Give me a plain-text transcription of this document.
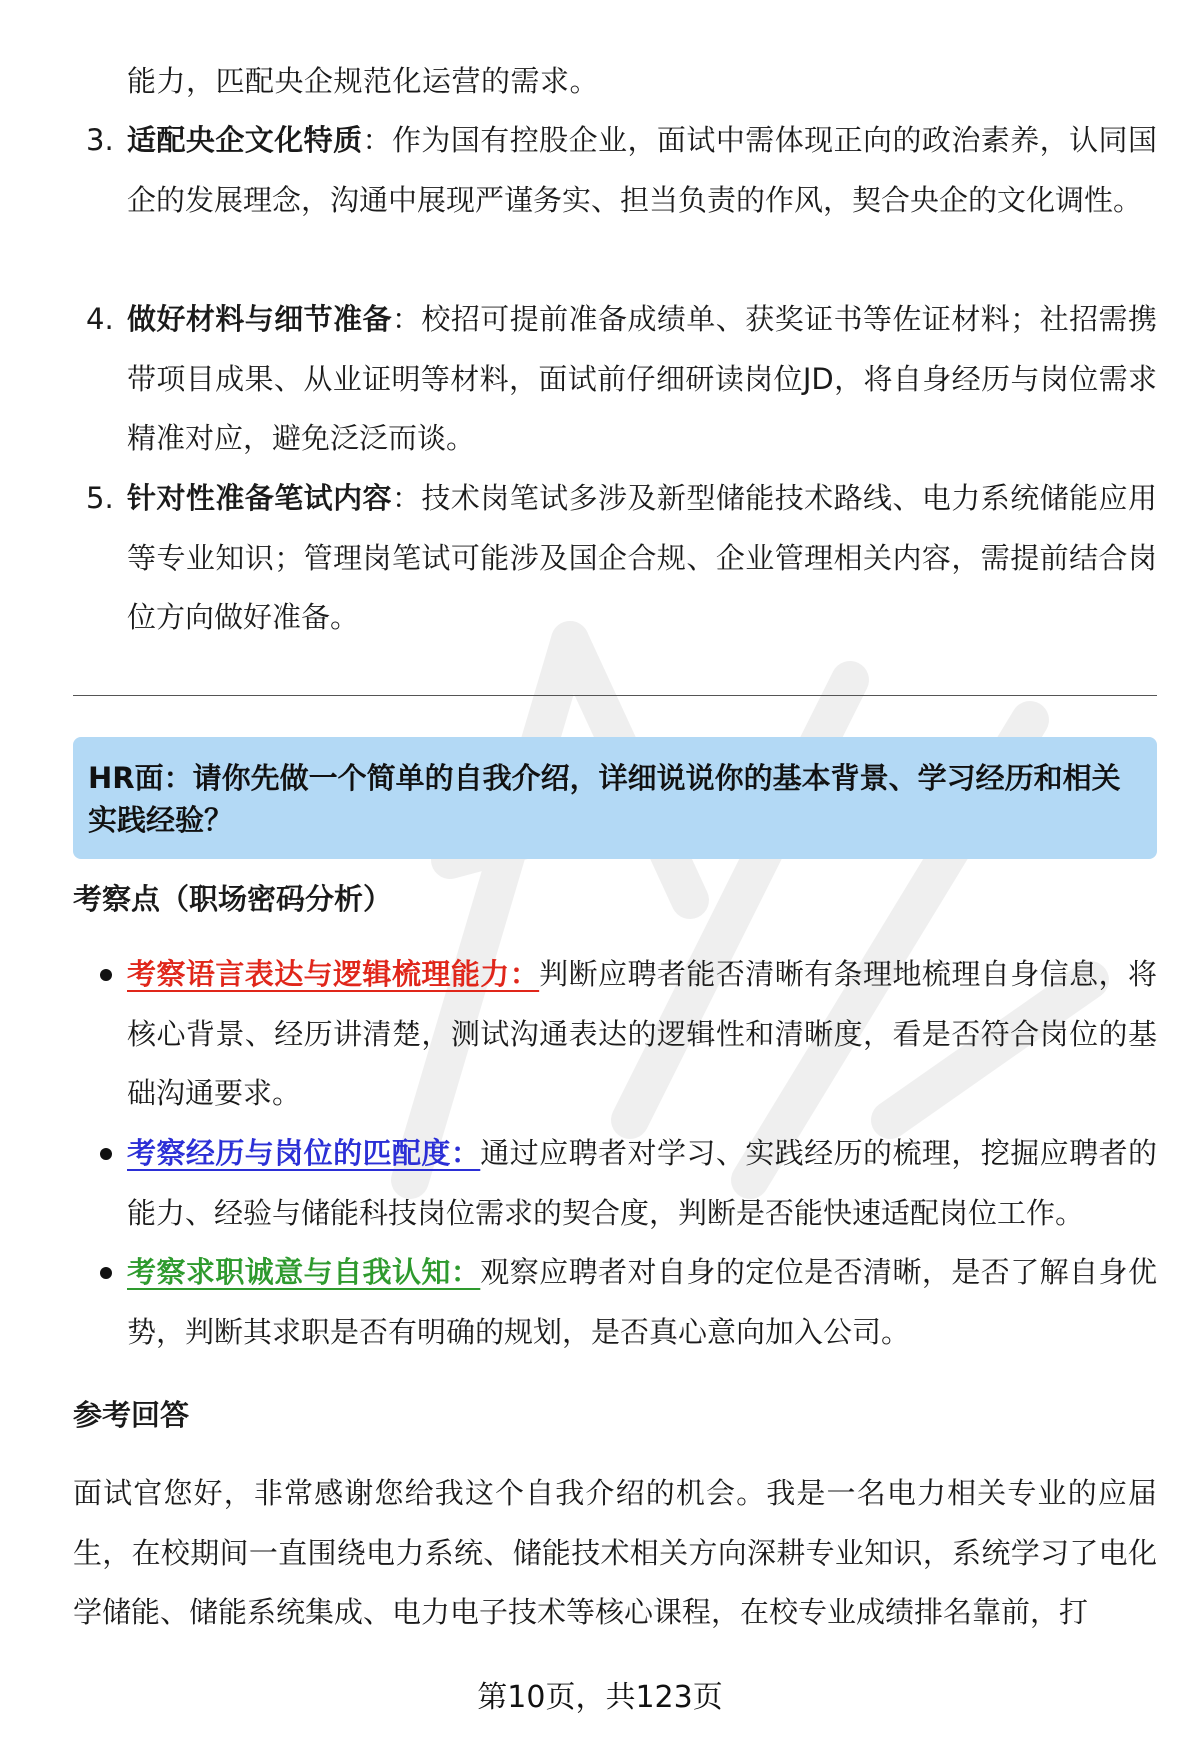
能力，匹配央企规范化运营的需求。
3. 适配央企文化特质：作为国有控股企业，面试中需体现正向的政治素养，认同国企的发展理念，沟通中展现严谨务实、担当负责的作风，契合央企的文化调性。
4. 做好材料与细节准备：校招可提前准备成绩单、获奖证书等佐证材料；社招需携带项目成果、从业证明等材料，面试前仔细研读岗位JD，将自身经历与岗位需求精准对应，避免泛泛而谈。
5. 针对性准备笔试内容：技术岗笔试多涉及新型储能技术路线、电力系统储能应用等专业知识；管理岗笔试可能涉及国企合规、企业管理相关内容，需提前结合岗位方向做好准备。
HR面：请你先做一个简单的自我介绍，详细说说你的基本背景、学习经历和相关实践经验？
考察点（职场密码分析）
考察语言表达与逻辑梳理能力：判断应聘者能否清晰有条理地梳理自身信息，将核心背景、经历讲清楚，测试沟通表达的逻辑性和清晰度，看是否符合岗位的基础沟通要求。
考察经历与岗位的匹配度：通过应聘者对学习、实践经历的梳理，挖掘应聘者的能力、经验与储能科技岗位需求的契合度，判断是否能快速适配岗位工作。
考察求职诚意与自我认知：观察应聘者对自身的定位是否清晰，是否了解自身优势，判断其求职是否有明确的规划，是否真心意向加入公司。
参考回答
面试官您好，非常感谢您给我这个自我介绍的机会。我是一名电力相关专业的应届生，在校期间一直围绕电力系统、储能技术相关方向深耕专业知识，系统学习了电化学储能、储能系统集成、电力电子技术等核心课程，在校专业成绩排名靠前，打
第10页，共123页
